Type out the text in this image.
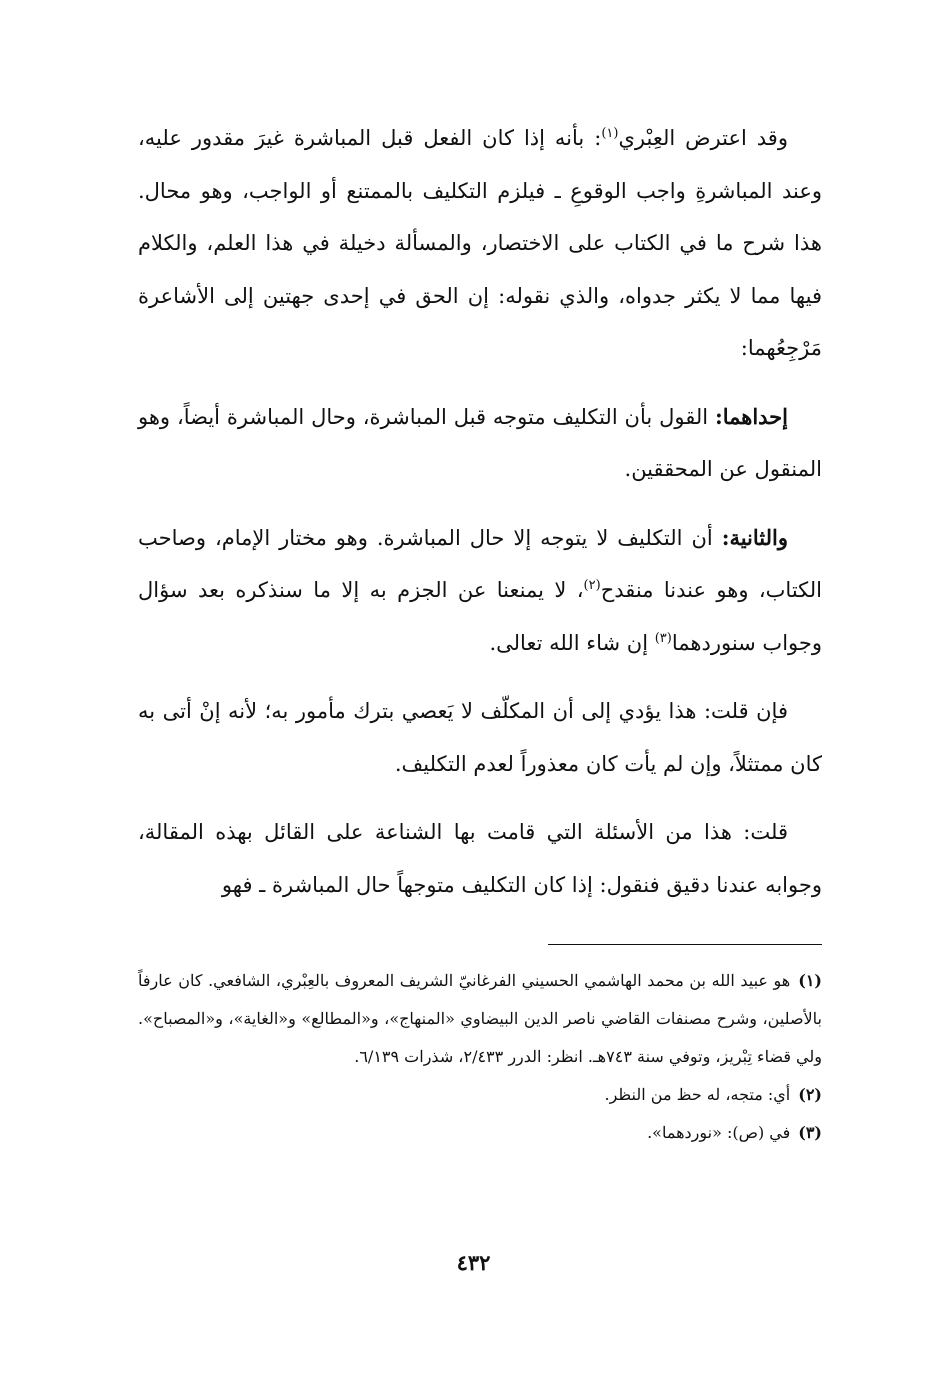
وقد اعترض العِبْري$^{(١)}$: بأنه إذا كان الفعل قبل المباشرة غيرَ مقدور عليه، وعند المباشرةِ واجب الوقوعِ ـ فيلزم التكليف بالممتنع أو الواجب، وهو محال. هذا شرح ما في الكتاب على الاختصار، والمسألة دخيلة في هذا العلم، والكلام فيها مما لا يكثر جدواه، والذي نقوله: إن الحق في إحدى جهتين إلى الأشاعرة مَرْجِعُهما:

إحداهما: القول بأن التكليف متوجه قبل المباشرة، وحال المباشرة أيضاً، وهو المنقول عن المحققين.

والثانية: أن التكليف لا يتوجه إلا حال المباشرة. وهو مختار الإمام، وصاحب الكتاب، وهو عندنا منقدح$^{(٢)}$، لا يمنعنا عن الجزم به إلا ما سنذكره بعد سؤال وجواب سنوردهما$^{(٣)}$ إن شاء الله تعالى.

فإن قلت: هذا يؤدي إلى أن المكلّف لا يَعصي بترك مأمور به؛ لأنه إنْ أتى به كان ممتثلاً، وإن لم يأت كان معذوراً لعدم التكليف.

قلت: هذا من الأسئلة التي قامت بها الشناعة على القائل بهذه المقالة، وجوابه عندنا دقيق فنقول: إذا كان التكليف متوجهاً حال المباشرة ـ فهو

(١)هو عبيد الله بن محمد الهاشمي الحسيني الفرغانيّ الشريف المعروف بالعِبْري، الشافعي. كان عارفاً بالأصلين، وشرح مصنفات القاضي ناصر الدين البيضاوي «المنهاج»، و«المطالع» و«الغاية»، و«المصباح». ولي قضاء تِبْريز، وتوفي سنة ٧٤٣هـ. انظر: الدرر ٢/٤٣٣، شذرات ٦/١٣٩.

(٢)أي: متجه، له حظ من النظر.

(٣)في (ص): «نوردهما».

٤٣٢
